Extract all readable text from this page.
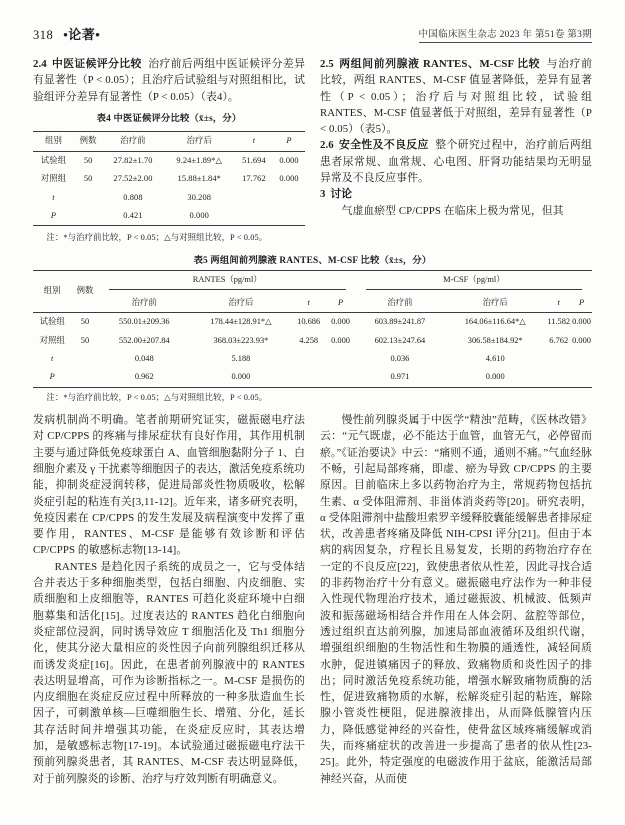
318 •论著•	中国临床医生杂志 2023 年 第51卷 第3期

2.4 中医证候评分比较 治疗前后两组中医证候评分差异有显著性（P < 0.05）；且治疗后试验组与对照组相比，试验组评分差异有显著性（P < 0.05）（表4）。

表4 中医证候评分比较（x̄±s，分）
组别	例数	治疗前	治疗后	t	P
试验组	50	27.82±1.70	9.24±1.89*△	51.694	0.000
对照组	50	27.52±2.00	15.88±1.84*	17.762	0.000
t		0.808	30.208		
P		0.421	0.000		
注：*与治疗前比较，P < 0.05；△与对照组比较，P < 0.05。

2.5 两组间前列腺液 RANTES、M-CSF 比较 与治疗前比较，两组 RANTES、M-CSF 值显著降低，差异有显著性（P < 0.05）；治疗后与对照组比较，试验组 RANTES、M-CSF 值显著低于对照组，差异有显著性（P < 0.05）（表5）。

2.6 安全性及不良反应 整个研究过程中，治疗前后两组患者尿常规、血常规、心电图、肝肾功能结果均无明显异常及不良反应事件。

3 讨论

气虚血瘀型 CP/CPPS 在临床上极为常见，但其

表5 两组间前列腺液 RANTES、M-CSF 比较（x̄±s，分）
组别	例数	RANTES（pg/ml）				M-CSF（pg/ml）			

		治疗前	治疗后	t	P	治疗前	治疗后	t	P
试验组	50	550.01±209.36	178.44±128.91*△	10.686	0.000	603.89±241.87	164.06±116.64*△	11.582	0.000
对照组	50	552.00±207.84	368.03±223.93*	4.258	0.000	602.13±247.64	306.58±184.92*	6.762	0.000
t		0.048	5.188			0.036	4.610		
P		0.962	0.000			0.971	0.000		
注：*与治疗前比较，P < 0.05；△与对照组比较，P < 0.05。

发病机制尚不明确。笔者前期研究证实，磁振磁电疗法对 CP/CPPS 的疼痛与排尿症状有良好作用，其作用机制主要与通过降低免疫球蛋白 A、血管细胞黏附分子 1、白细胞介素及 γ 干扰素等细胞因子的表达，激活免疫系统功能，抑制炎症浸润转移，促进局部炎性物质吸收，松解炎症引起的粘连有关[3,11-12]。近年来，诸多研究表明，免疫因素在 CP/CPPS 的发生发展及病程演变中发挥了重要作用，RANTES、M-CSF 是能够有效诊断和评估 CP/CPPS 的敏感标志物[13-14]。

RANTES 是趋化因子系统的成员之一，它与受体结合并表达于多种细胞类型，包括白细胞、内皮细胞、实质细胞和上皮细胞等，RANTES 可趋化炎症环境中白细胞募集和活化[15]。过度表达的 RANTES 趋化白细胞向炎症部位浸润，同时诱导效应 T 细胞活化及 Th1 细胞分化，使其分泌大量相应的炎性因子向前列腺组织迁移从而诱发炎症[16]。因此，在患者前列腺液中的 RANTES 表达明显增高，可作为诊断指标之一。M-CSF 是损伤的内皮细胞在炎症反应过程中所释放的一种多肽造血生长因子，可刺激单核—巨噬细胞生长、增殖、分化，延长其存活时间并增强其功能，在炎症反应时，其表达增加，是敏感标志物[17-19]。本试验通过磁振磁电疗法干预前列腺炎患者，其 RANTES、M-CSF 表达明显降低，对于前列腺炎的诊断、治疗与疗效判断有明确意义。

慢性前列腺炎属于中医学“精浊”范畴，《医林改错》云：“元气既虚，必不能达于血管，血管无气，必停留而瘀。”《证治要诀》中云：“痛则不通，通则不痛。”气血经脉不畅，引起局部疼痛，即虚、瘀为导致 CP/CPPS 的主要原因。目前临床上多以药物治疗为主，常规药物包括抗生素、α 受体阻滞剂、非甾体消炎药等[20]。研究表明，α 受体阻滞剂中盐酸坦索罗辛缓释胶囊能缓解患者排尿症状，改善患者疼痛及降低 NIH-CPSI 评分[21]。但由于本病的病因复杂，疗程长且易复发，长期的药物治疗存在一定的不良反应[22]，致使患者依从性差，因此寻找合适的非药物治疗十分有意义。磁振磁电疗法作为一种非侵入性现代物理治疗技术，通过磁振波、机械波、低频声波和振荡磁场相结合并作用在人体会阴、盆腔等部位，透过组织直达前列腺，加速局部血液循环及组织代谢，增强组织细胞的生物活性和生物膜的通透性，减轻间质水肿，促进镇痛因子的释放、致痛物质和炎性因子的排出；同时激活免疫系统功能，增强水解致痛物质酶的活性，促进致痛物质的水解，松解炎症引起的粘连，解除腺小管炎性梗阻，促进腺液排出，从而降低腺管内压力，降低感觉神经的兴奋性，使骨盆区域疼痛缓解或消失，而疼痛症状的改善进一步提高了患者的依从性[23-25]。此外，特定强度的电磁波作用于盆底，能激活局部神经兴奋，从而使
